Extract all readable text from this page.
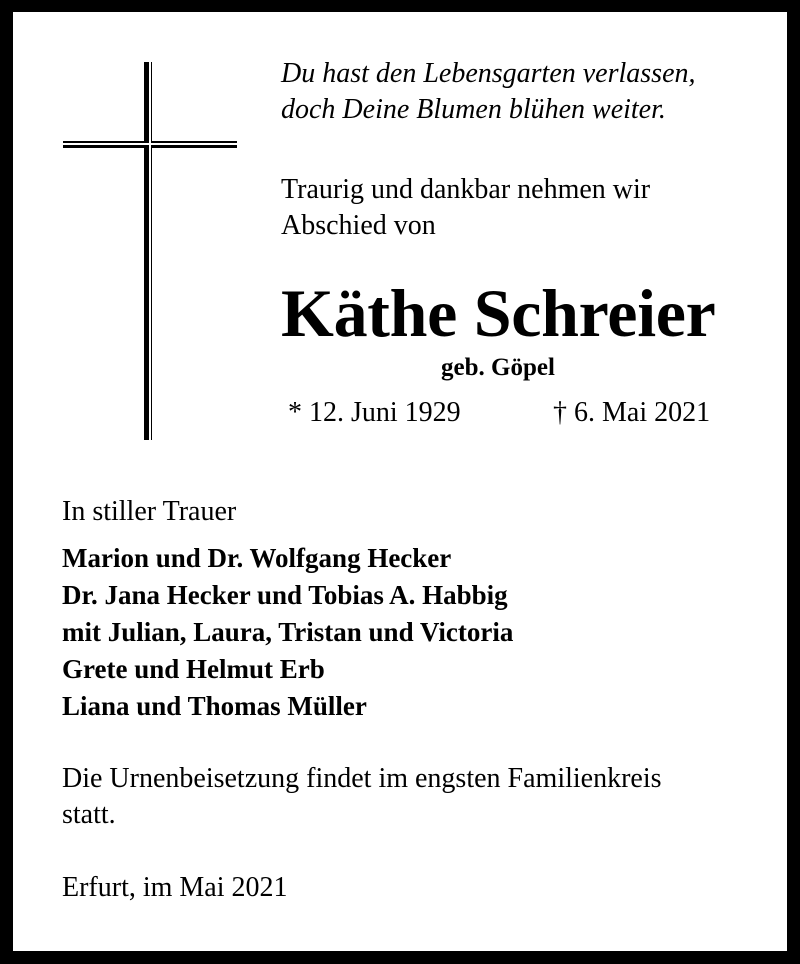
Du hast den Lebensgarten verlassen,
doch Deine Blumen blühen weiter.
Traurig und dankbar nehmen wir
Abschied von
Käthe Schreier
geb. Göpel
* 12. Juni 1929	† 6. Mai 2021
In stiller Trauer
Marion und Dr. Wolfgang Hecker
Dr. Jana Hecker und Tobias A. Habbig
mit Julian, Laura, Tristan und Victoria
Grete und Helmut Erb
Liana und Thomas Müller
Die Urnenbeisetzung findet im engsten Familienkreis
statt.
Erfurt, im Mai 2021
